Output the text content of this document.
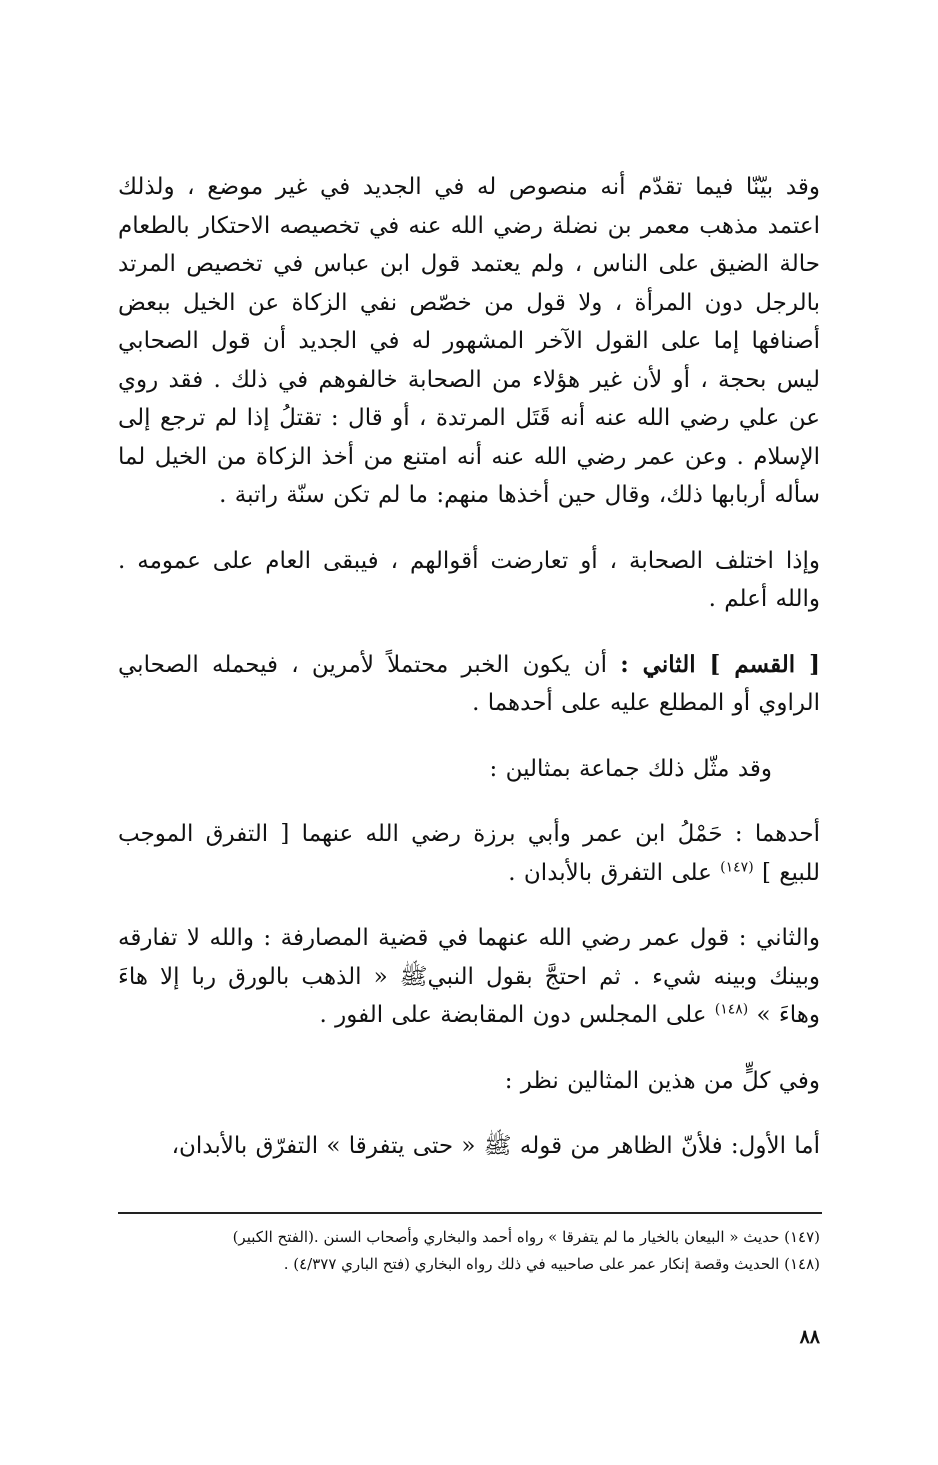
وقد بيّنّا فيما تقدّم أنه منصوص له في الجديد في غير موضع ، ولذلك اعتمد مذهب معمر بن نضلة رضي الله عنه في تخصيصه الاحتكار بالطعام حالة الضيق على الناس ، ولم يعتمد قول ابن عباس في تخصيص المرتد بالرجل دون المرأة ، ولا قول من خصّص نفي الزكاة عن الخيل ببعض أصنافها إما على القول الآخر المشهور له في الجديد أن قول الصحابي ليس بحجة ، أو لأن غير هؤلاء من الصحابة خالفوهم في ذلك . فقد روي عن علي رضي الله عنه أنه قَتَل المرتدة ، أو قال : تقتلُ إذا لم ترجع إلى الإسلام . وعن عمر رضي الله عنه أنه امتنع من أخذ الزكاة من الخيل لما سأله أربابها ذلك، وقال حين أخذها منهم: ما لم تكن سنّة راتبة .

وإذا اختلف الصحابة ، أو تعارضت أقوالهم ، فيبقى العام على عمومه . والله أعلم .

[ القسم ] الثاني : أن يكون الخبر محتملاً لأمرين ، فيحمله الصحابي الراوي أو المطلع عليه على أحدهما .

وقد مثّل ذلك جماعة بمثالين :

أحدهما : حَمْلُ ابن عمر وأبي برزة رضي الله عنهما [ التفرق الموجب للبيع ] $^{(١٤٧)}$ على التفرق بالأبدان .

والثاني : قول عمر رضي الله عنهما في قضية المصارفة : والله لا تفارقه وبينك وبينه شيء . ثم احتجَّ بقول النبيﷺ « الذهب بالورق ربا إلا هاءَ وهاءَ » $^{(١٤٨)}$ على المجلس دون المقابضة على الفور .

وفي كلٍّ من هذين المثالين نظر :

أما الأول: فلأنّ الظاهر من قوله ﷺ « حتى يتفرقا » التفرّق بالأبدان،

(١٤٧) حديث « البيعان بالخيار ما لم يتفرقا » رواه أحمد والبخاري وأصحاب السنن .(الفتح الكبير)

(١٤٨) الحديث وقصة إنكار عمر على صاحبيه في ذلك رواه البخاري (فتح الباري ٤/٣٧٧) .

٨٨
